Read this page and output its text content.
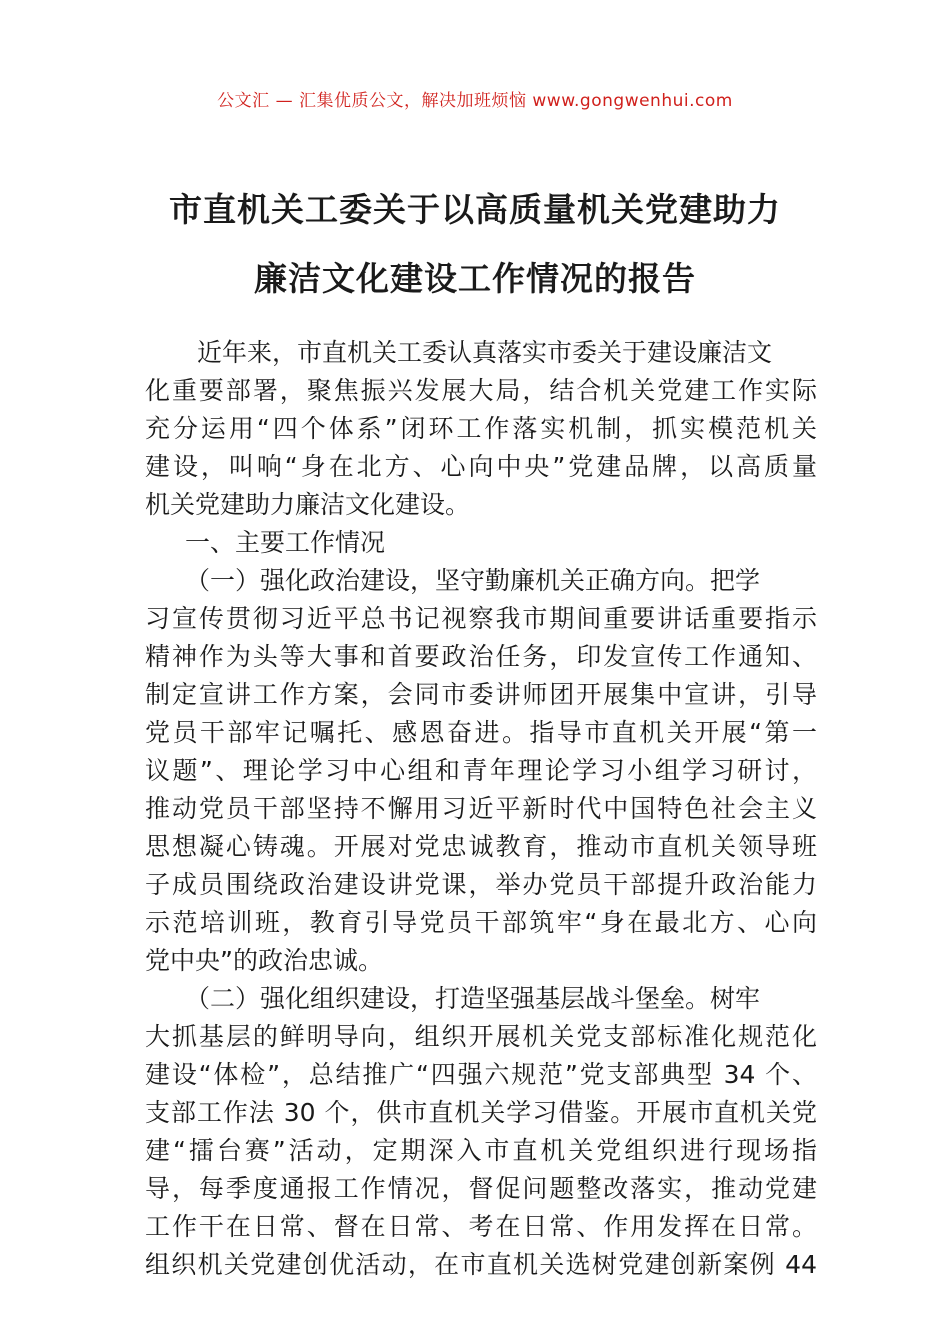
公文汇 — 汇集优质公文，解决加班烦恼 www.gongwenhui.com
市直机关工委关于以高质量机关党建助力
廉洁文化建设工作情况的报告
近年来，市直机关工委认真落实市委关于建设廉洁文
化重要部署，聚焦振兴发展大局，结合机关党建工作实际
充分运用“四个体系”闭环工作落实机制，抓实模范机关
建设，叫响“身在北方、心向中央”党建品牌，以高质量
机关党建助力廉洁文化建设。
一、主要工作情况
（一）强化政治建设，坚守勤廉机关正确方向。把学
习宣传贯彻习近平总书记视察我市期间重要讲话重要指示
精神作为头等大事和首要政治任务，印发宣传工作通知、
制定宣讲工作方案，会同市委讲师团开展集中宣讲，引导
党员干部牢记嘱托、感恩奋进。指导市直机关开展“第一
议题”、理论学习中心组和青年理论学习小组学习研讨，
推动党员干部坚持不懈用习近平新时代中国特色社会主义
思想凝心铸魂。开展对党忠诚教育，推动市直机关领导班
子成员围绕政治建设讲党课，举办党员干部提升政治能力
示范培训班，教育引导党员干部筑牢“身在最北方、心向
党中央”的政治忠诚。
（二）强化组织建设，打造坚强基层战斗堡垒。树牢
大抓基层的鲜明导向，组织开展机关党支部标准化规范化
建设“体检”，总结推广“四强六规范”党支部典型 34 个、
支部工作法 30 个，供市直机关学习借鉴。开展市直机关党
建“擂台赛”活动，定期深入市直机关党组织进行现场指
导，每季度通报工作情况，督促问题整改落实，推动党建
工作干在日常、督在日常、考在日常、作用发挥在日常。
组织机关党建创优活动，在市直机关选树党建创新案例 44
